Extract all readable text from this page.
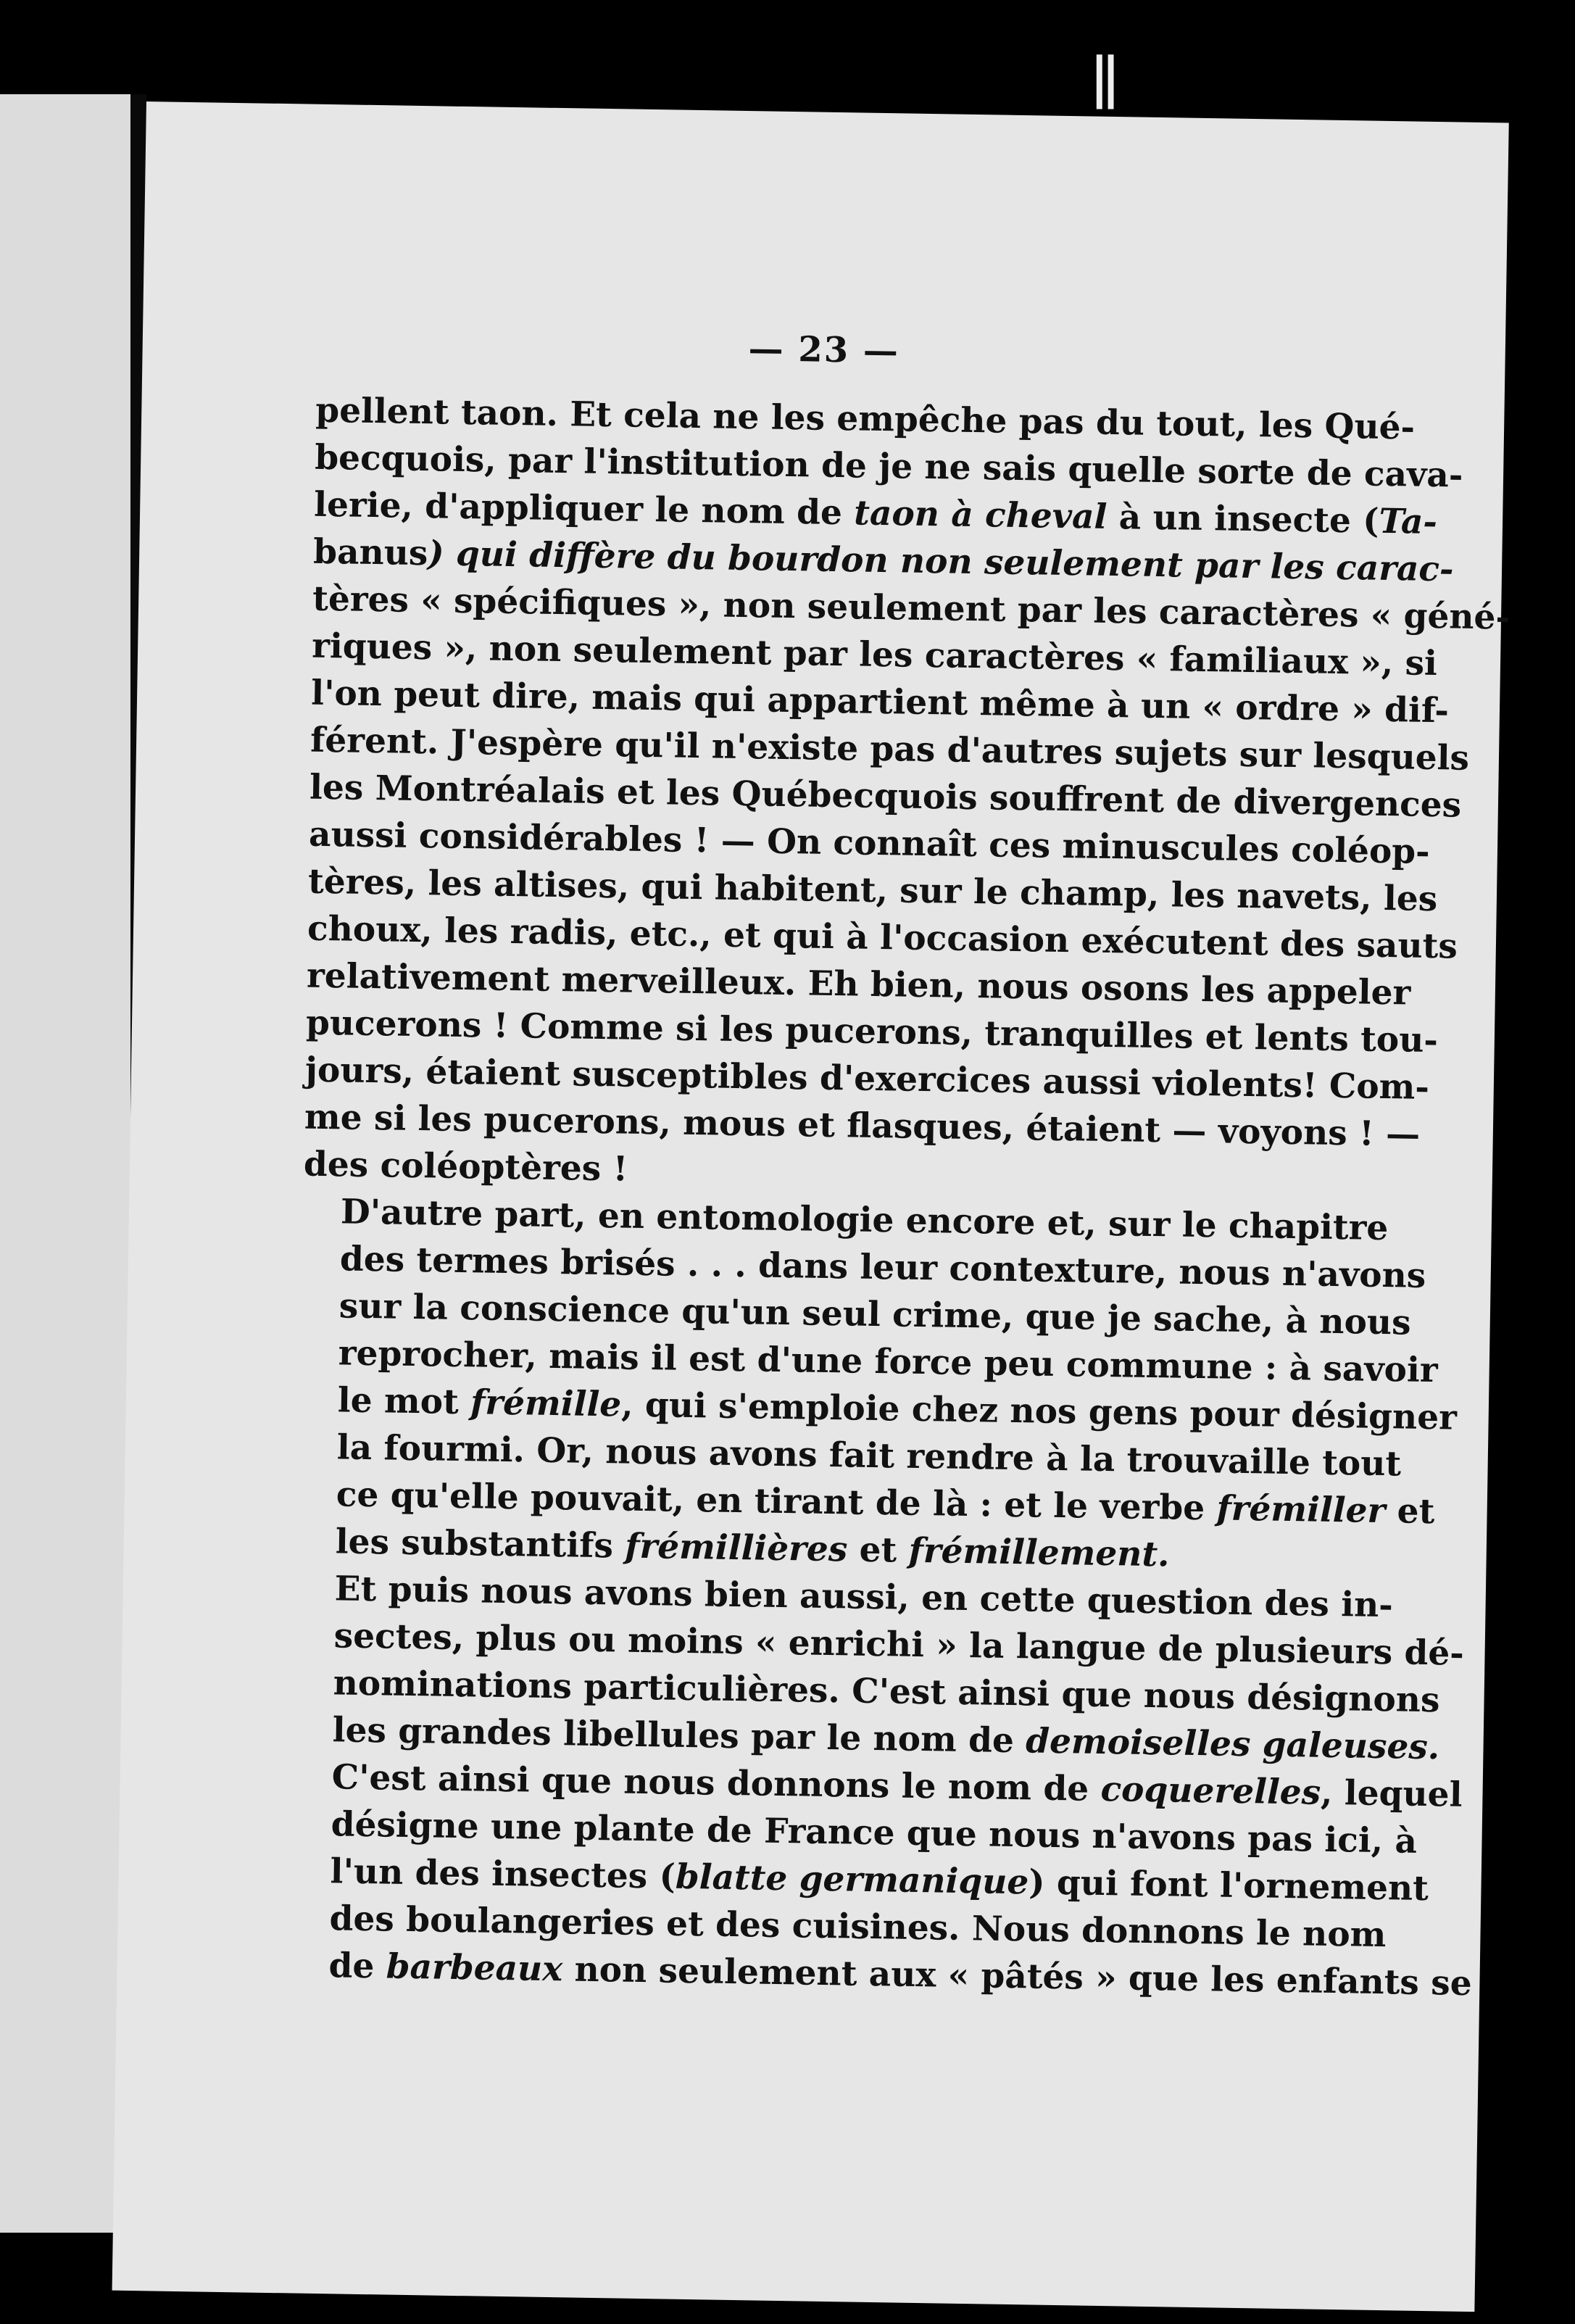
ǁ
— 23 —

pellent taon. Et cela ne les empêche pas du tout, les Qué-
becquois, par l'institution de je ne sais quelle sorte de cava-
lerie, d'appliquer le nom de taon à cheval à un insecte (Ta-
banus) qui diffère du bourdon non seulement par les carac-
tères « spécifiques », non seulement par les caractères « géné-
riques », non seulement par les caractères « familiaux », si
l'on peut dire, mais qui appartient même à un « ordre » dif-
férent. J'espère qu'il n'existe pas d'autres sujets sur lesquels
les Montréalais et les Québecquois souffrent de divergences
aussi considérables ! — On connaît ces minuscules coléop-
tères, les altises, qui habitent, sur le champ, les navets, les
choux, les radis, etc., et qui à l'occasion exécutent des sauts
relativement merveilleux. Eh bien, nous osons les appeler
pucerons ! Comme si les pucerons, tranquilles et lents tou-
jours, étaient susceptibles d'exercices aussi violents! Com-
me si les pucerons, mous et flasques, étaient — voyons ! —
des coléoptères !

D'autre part, en entomologie encore et, sur le chapitre
des termes brisés . . . dans leur contexture, nous n'avons
sur la conscience qu'un seul crime, que je sache, à nous
reprocher, mais il est d'une force peu commune : à savoir
le mot frémille, qui s'emploie chez nos gens pour désigner
la fourmi. Or, nous avons fait rendre à la trouvaille tout
ce qu'elle pouvait, en tirant de là : et le verbe frémiller et
les substantifs frémillières et frémillement.

Et puis nous avons bien aussi, en cette question des in-
sectes, plus ou moins « enrichi » la langue de plusieurs dé-
nominations particulières. C'est ainsi que nous désignons
les grandes libellules par le nom de demoiselles galeuses.
C'est ainsi que nous donnons le nom de coquerelles, lequel
désigne une plante de France que nous n'avons pas ici, à
l'un des insectes (blatte germanique) qui font l'ornement
des boulangeries et des cuisines. Nous donnons le nom
de barbeaux non seulement aux « pâtés » que les enfants se
